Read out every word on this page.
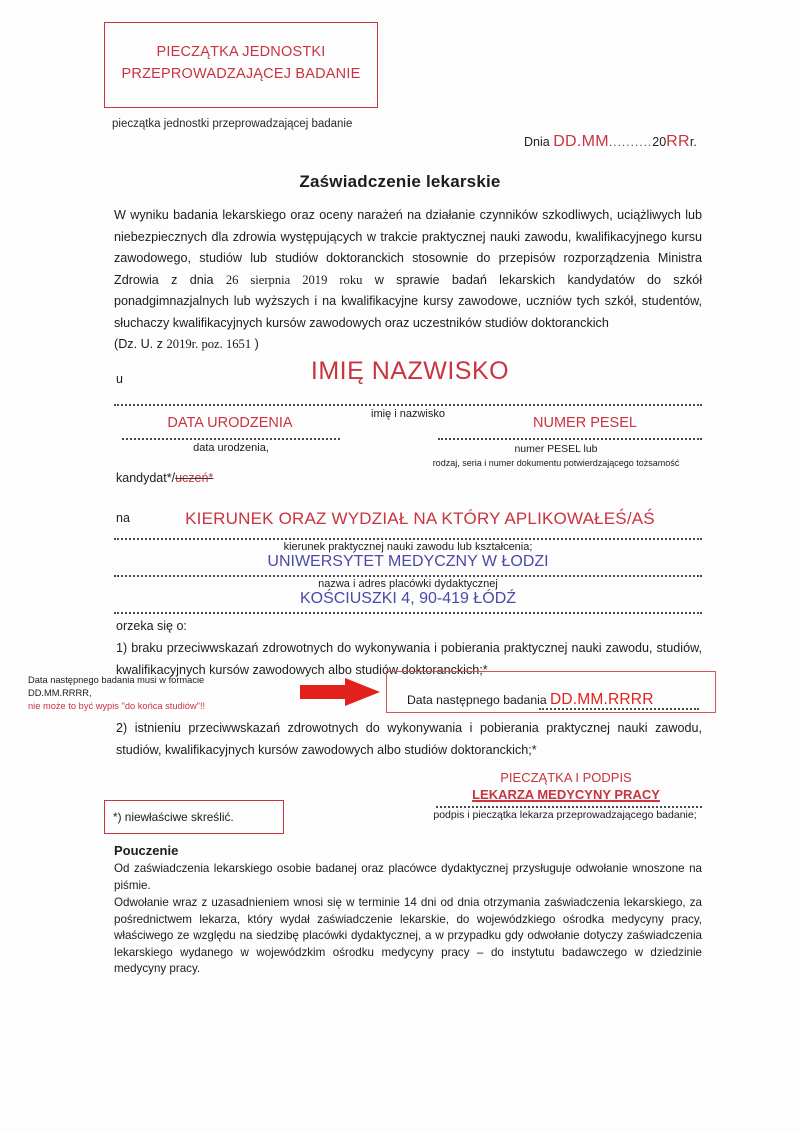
PIECZĄTKA JEDNOSTKI
PRZEPROWADZAJĄCEJ BADANIE
pieczątka jednostki przeprowadzającej badanie
Dnia DD.MM..........20RRr.
Zaświadczenie lekarskie
W wyniku badania lekarskiego oraz oceny narażeń na działanie czynników szkodliwych, uciążliwych lub niebezpiecznych dla zdrowia występujących w trakcie praktycznej nauki zawodu, kwalifikacyjnego kursu zawodowego, studiów lub studiów doktoranckich stosownie do przepisów rozporządzenia Ministra Zdrowia z dnia 26 sierpnia 2019 roku w sprawie badań lekarskich kandydatów do szkół ponadgimnazjalnych lub wyższych i na kwalifikacyjne kursy zawodowe, uczniów tych szkół, studentów, słuchaczy kwalifikacyjnych kursów zawodowych oraz uczestników studiów doktoranckich
(Dz. U. z 2019r. poz. 1651 )
u	IMIĘ NAZWISKO
imię i nazwisko
DATA URODZENIA
data urodzenia,
NUMER PESEL
numer PESEL lub
rodzaj, seria i numer dokumentu potwierdzającego tożsamość
kandydat*/uczeń*
na	KIERUNEK ORAZ WYDZIAŁ NA KTÓRY APLIKOWAŁEŚ/AŚ
kierunek praktycznej nauki zawodu lub kształcenia;
UNIWERSYTET MEDYCZNY W ŁODZI
nazwa i adres placówki dydaktycznej
KOŚCIUSZKI 4, 90-419 ŁÓDŹ
orzeka się o:
1) braku przeciwwskazań zdrowotnych do wykonywania i pobierania praktycznej nauki zawodu, studiów, kwalifikacyjnych kursów zawodowych albo studiów doktoranckich;*
2) istnieniu przeciwwskazań zdrowotnych do wykonywania i pobierania praktycznej nauki zawodu, studiów, kwalifikacyjnych kursów zawodowych albo studiów doktoranckich;*
Data następnego badania musi w formacie DD.MM.RRRR,
nie może to być wypis "do końca studiów"!!	Data następnego badania DD.MM.RRRR
PIECZĄTKA I PODPIS
LEKARZA MEDYCYNY PRACY
podpis i pieczątka lekarza przeprowadzającego badanie;
*) niewłaściwe skreślić.
Pouczenie
Od zaświadczenia lekarskiego osobie badanej oraz placówce dydaktycznej przysługuje odwołanie wnoszone na piśmie.
Odwołanie wraz z uzasadnieniem wnosi się w terminie 14 dni od dnia otrzymania zaświadczenia lekarskiego, za pośrednictwem lekarza, który wydał zaświadczenie lekarskie, do wojewódzkiego ośrodka medycyny pracy, właściwego ze względu na siedzibę placówki dydaktycznej, a w przypadku gdy odwołanie dotyczy zaświadczenia lekarskiego wydanego w wojewódzkim ośrodku medycyny pracy – do instytutu badawczego w dziedzinie medycyny pracy.
